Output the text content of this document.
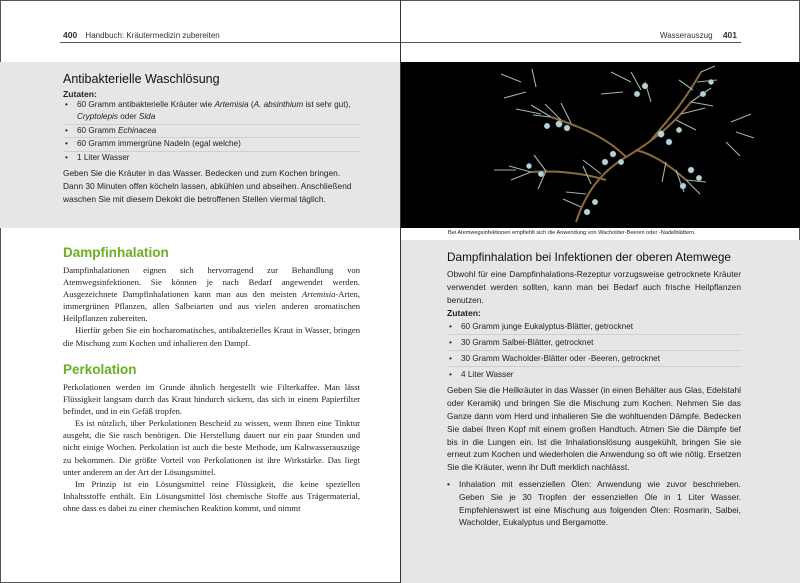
400 Handbuch: Kräutermedizin zubereiten
Antibakterielle Waschlösung
Zutaten:
• 60 Gramm antibakterielle Kräuter wie Artemisia (A. absinthium ist sehr gut), Cryptolepis oder Sida
• 60 Gramm Echinacea
• 60 Gramm immergrüne Nadeln (egal welche)
• 1 Liter Wasser
Geben Sie die Kräuter in das Wasser. Bedecken und zum Kochen bringen. Dann 30 Minuten offen köcheln lassen, abkühlen und abseihen. Anschließend waschen Sie mit diesem Dekokt die betroffenen Stellen viermal täglich.
Dampfinhalation

Dampfinhalationen eignen sich hervorragend zur Behandlung von Atemwegsinfektionen. Sie können je nach Bedarf angewendet werden. Ausgezeichnete Dampfinhalationen kann man aus den meisten Artemisia-Arten, immergrünen Pflanzen, allen Salbeiarten und aus vielen anderen aromatischen Heilpflanzen zubereiten.

Hierfür geben Sie ein hocharomatisches, antibakterielles Kraut in Wasser, bringen die Mischung zum Kochen und inhalieren den Dampf.

Perkolation

Perkolationen werden im Grunde ähnlich hergestellt wie Filterkaffee. Man lässt Flüssigkeit langsam durch das Kraut hindurch sickern, das sich in einem Papierfilter befindet, und in ein Gefäß tropfen.

Es ist nützlich, über Perkolationen Bescheid zu wissen, wenn Ihnen eine Tinktur ausgeht, die Sie rasch benötigen. Die Herstellung dauert nur ein paar Stunden und nicht einige Wochen. Perkolation ist auch die beste Methode, um Kaltwasserauszüge zu bekommen. Die größte Vorteil von Perkolationen ist ihre Wirkstärke. Das liegt unter anderem an der Art der Lösungsmittel.

Im Prinzip ist ein Lösungsmittel reine Flüssigkeit, die keine speziellen Inhaltsstoffe enthält. Ein Lösungsmittel löst chemische Stoffe aus Trägermaterial, ohne dass es dabei zu einer chemischen Reaktion kommt, und nimmt

Wasserauszug 401
Bei Atemwegsinfektionen empfiehlt sich die Anwendung von Wacholder-Beeren oder -Nadelblättern.
Dampfinhalation bei Infektionen der oberen Atemwege
Obwohl für eine Dampfinhalations-Rezeptur vorzugsweise getrocknete Kräuter verwendet werden sollten, kann man bei Bedarf auch frische Heilpflanzen benutzen.
Zutaten:
• 60 Gramm junge Eukalyptus-Blätter, getrocknet
• 30 Gramm Salbei-Blätter, getrocknet
• 30 Gramm Wacholder-Blätter oder -Beeren, getrocknet
• 4 Liter Wasser
Geben Sie die Heilkräuter in das Wasser (in einen Behälter aus Glas, Edelstahl oder Keramik) und bringen Sie die Mischung zum Kochen. Nehmen Sie das Ganze dann vom Herd und inhalieren Sie die wohltuenden Dämpfe. Bedecken Sie dabei Ihren Kopf mit einem großen Handtuch. Atmen Sie die Dämpfe tief bis in die Lungen ein. Ist die Inhalationslösung ausgekühlt, bringen Sie sie erneut zum Kochen und wiederholen die Anwendung so oft wie nötig. Ersetzen Sie die Kräuter, wenn ihr Duft merklich nachlässt.
• Inhalation mit essenziellen Ölen: Anwendung wie zuvor beschrieben. Geben Sie je 30 Tropfen der essenziellen Öle in 1 Liter Wasser. Empfehlenswert ist eine Mischung aus folgenden Ölen: Rosmarin, Salbei, Wacholder, Eukalyptus und Bergamotte.
